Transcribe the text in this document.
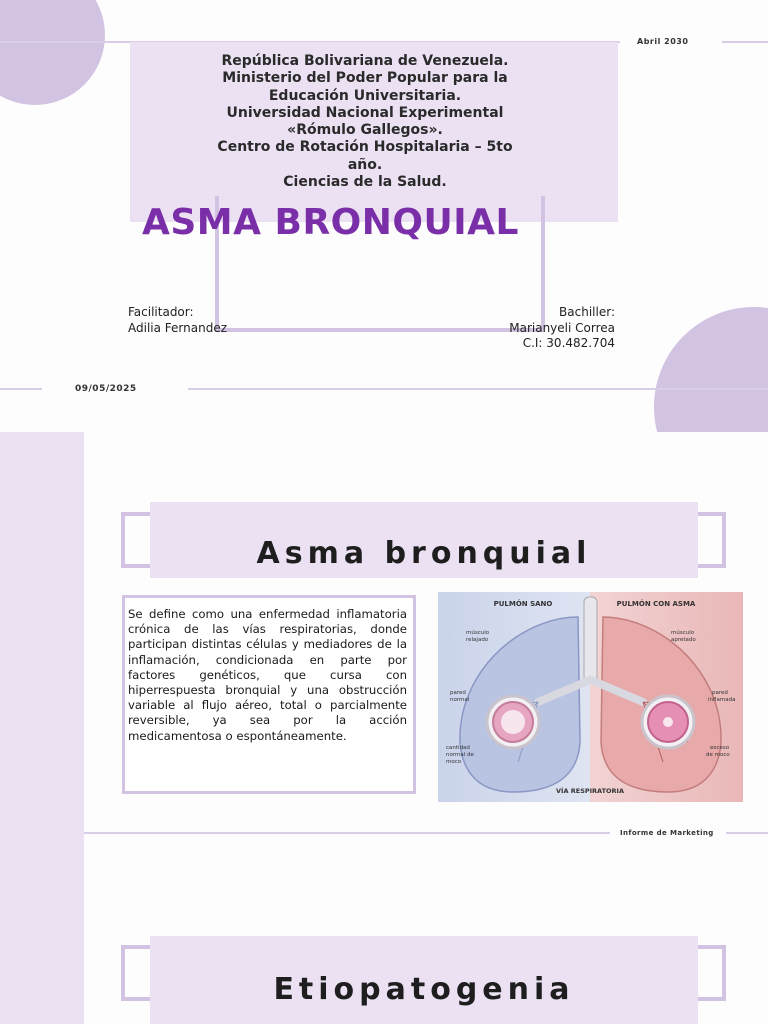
Abril 2030
República Bolivariana de Venezuela.
Ministerio del Poder Popular para la
Educación Universitaria.
Universidad Nacional Experimental
«Rómulo Gallegos».
Centro de Rotación Hospitalaria – 5to
año.
Ciencias de la Salud.
ASMA BRONQUIAL
Facilitador:
Adilia Fernandez
Bachiller:
Marianyeli Correa
C.I: 30.482.704
09/05/2025
Asma bronquial

Se define como una enfermedad inflamatoria crónica de las vías respiratorias, donde participan distintas células y mediadores de la inflamación, condicionada en parte por factores genéticos, que cursa con hiperrespuesta bronquial y una obstrucción variable al flujo aéreo, total o parcialmente reversible, ya sea por la acción medicamentosa o espontáneamente.

PULMÓN SANO	PULMÓN CON ASMA
músculo
relajado
músculo
apretado
pared
normal
pared
inflamada
cantidad
normal de
moco
exceso
de moco
VÍA RESPIRATORIA
Informe de Marketing
Etiopatogenia
